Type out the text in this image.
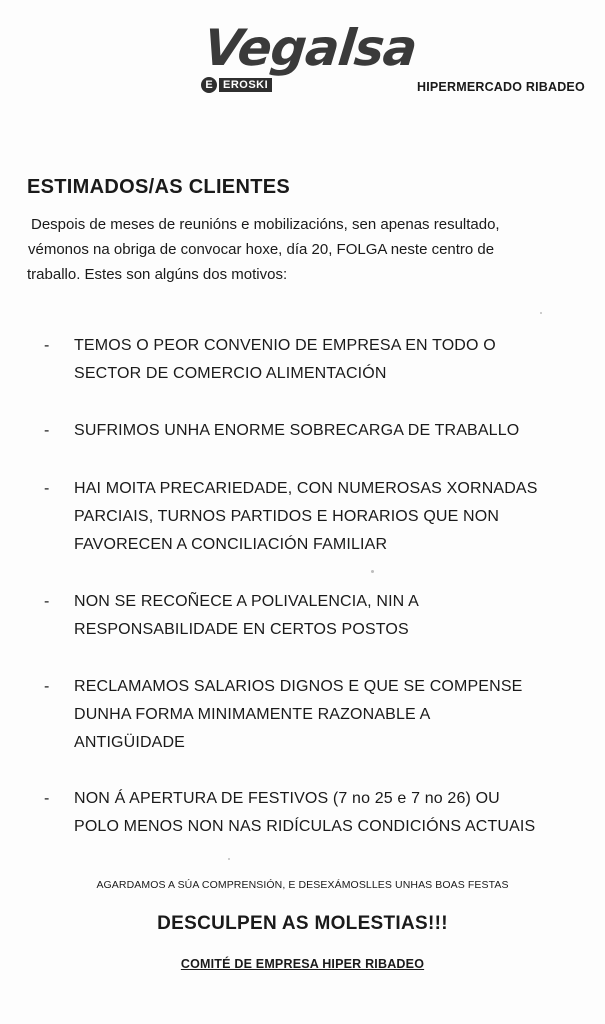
Vegalsa
E EROSKI	HIPERMERCADO RIBADEO
ESTIMADOS/AS CLIENTES
Despois de meses de reunións e mobilizacións, sen apenas resultado,
vémonos na obriga de convocar hoxe, día 20, FOLGA neste centro de
traballo. Estes son algúns dos motivos:
-	TEMOS O PEOR CONVENIO DE EMPRESA EN TODO O
SECTOR DE COMERCIO ALIMENTACIÓN
-	SUFRIMOS UNHA ENORME SOBRECARGA DE TRABALLO
-	HAI MOITA PRECARIEDADE, CON NUMEROSAS XORNADAS
PARCIAIS, TURNOS PARTIDOS E HORARIOS QUE NON
FAVORECEN A CONCILIACIÓN FAMILIAR
-	NON SE RECOÑECE A POLIVALENCIA, NIN A
RESPONSABILIDADE EN CERTOS POSTOS
-	RECLAMAMOS SALARIOS DIGNOS E QUE SE COMPENSE
DUNHA FORMA MINIMAMENTE RAZONABLE A
ANTIGÜIDADE
-	NON Á APERTURA DE FESTIVOS (7 no 25 e 7 no 26) OU
POLO MENOS NON NAS RIDÍCULAS CONDICIÓNS ACTUAIS
AGARDAMOS A SÚA COMPRENSIÓN, E DESEXÁMOSLLES UNHAS BOAS FESTAS
DESCULPEN AS MOLESTIAS!!!
COMITÉ DE EMPRESA HIPER RIBADEO
